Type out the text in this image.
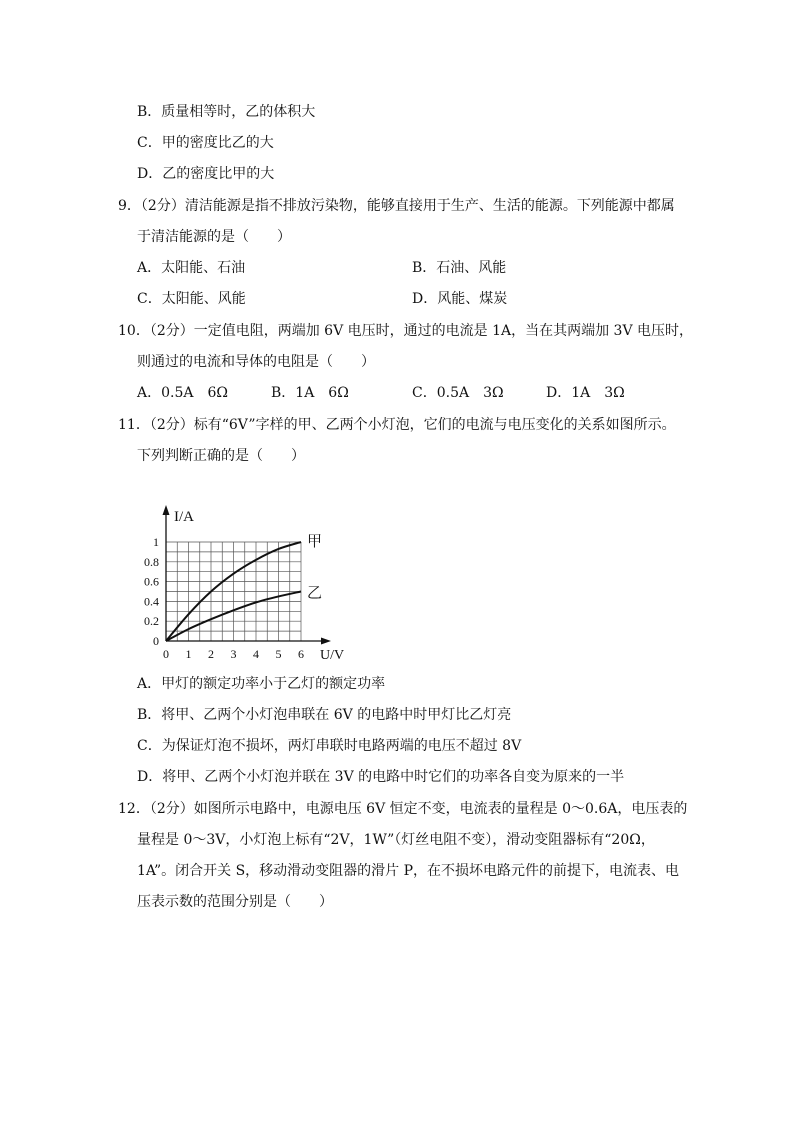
B．质量相等时，乙的体积大
C．甲的密度比乙的大
D．乙的密度比甲的大
9．（2分）清洁能源是指不排放污染物，能够直接用于生产、生活的能源。下列能源中都属
于清洁能源的是（　　）
A．太阳能、石油	B．石油、风能
C．太阳能、风能	D．风能、煤炭
10．（2分）一定值电阻，两端加 6V 电压时，通过的电流是 1A，当在其两端加 3V 电压时，
则通过的电流和导体的电阻是（　　）
A．0.5A　6Ω	B．1A　6Ω	C．0.5A　3Ω	D．1A　3Ω
11．（2分）标有“6V”字样的甲、乙两个小灯泡，它们的电流与电压变化的关系如图所示。
下列判断正确的是（　　）
0 1 2 3 4 5 6
0
0.2
0.4
0.6
0.8
1	甲
乙
I/A
U/V
A．甲灯的额定功率小于乙灯的额定功率
B．将甲、乙两个小灯泡串联在 6V 的电路中时甲灯比乙灯亮
C．为保证灯泡不损坏，两灯串联时电路两端的电压不超过 8V
D．将甲、乙两个小灯泡并联在 3V 的电路中时它们的功率各自变为原来的一半
12．（2分）如图所示电路中，电源电压 6V 恒定不变，电流表的量程是 0～0.6A，电压表的
量程是 0～3V，小灯泡上标有“2V，1W”（灯丝电阻不变），滑动变阻器标有“20Ω，
1A”。闭合开关 S，移动滑动变阻器的滑片 P，在不损坏电路元件的前提下，电流表、电
压表示数的范围分别是（　　）
